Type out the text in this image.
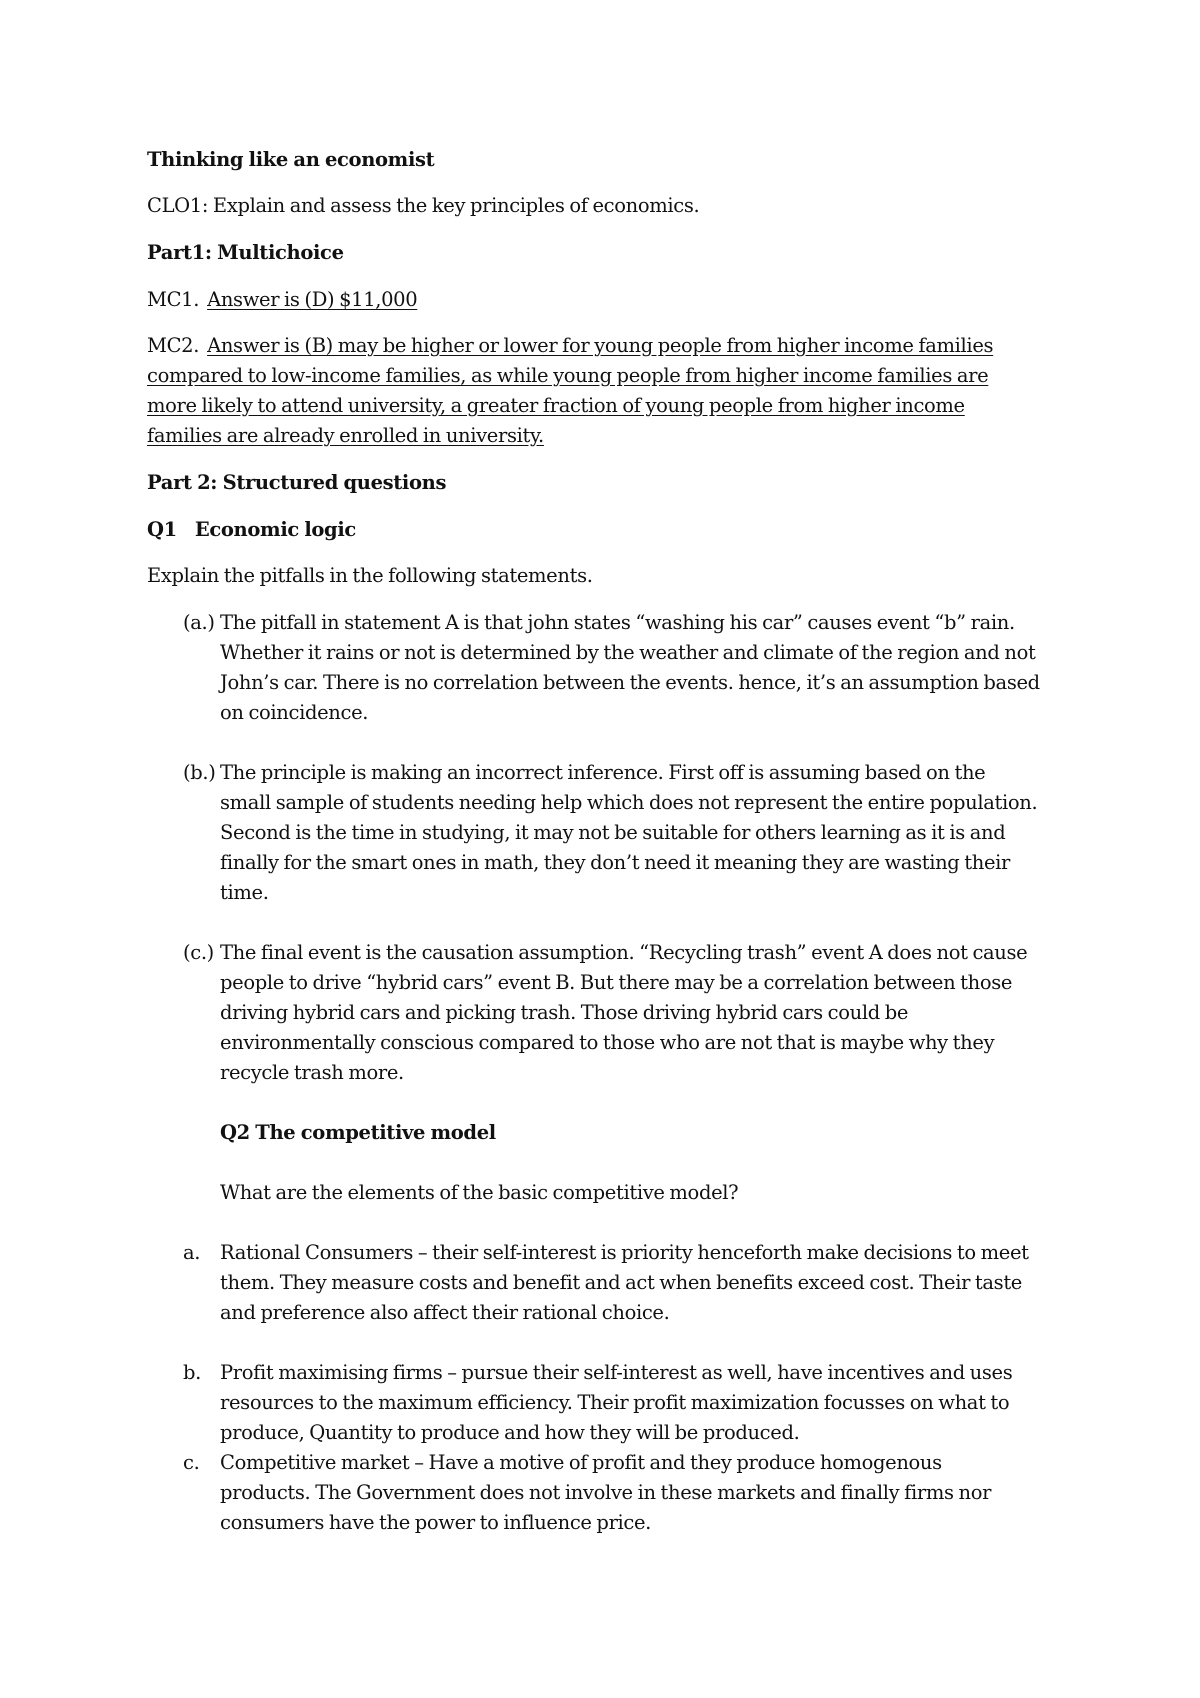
Thinking like an economist
CLO1: Explain and assess the key principles of economics.
Part1: Multichoice
MC1. Answer is (D) $11,000
MC2. Answer is (B) may be higher or lower for young people from higher income families
compared to low-income families, as while young people from higher income families are
more likely to attend university, a greater fraction of young people from higher income
families are already enrolled in university.
Part 2: Structured questions
Q1 Economic logic
Explain the pitfalls in the following statements.
(a.) The pitfall in statement A is that john states “washing his car” causes event “b” rain.
Whether it rains or not is determined by the weather and climate of the region and not
John’s car. There is no correlation between the events. hence, it’s an assumption based
on coincidence.
(b.) The principle is making an incorrect inference. First off is assuming based on the
small sample of students needing help which does not represent the entire population.
Second is the time in studying, it may not be suitable for others learning as it is and
finally for the smart ones in math, they don’t need it meaning they are wasting their
time.
(c.) The final event is the causation assumption. “Recycling trash” event A does not cause
people to drive “hybrid cars” event B. But there may be a correlation between those
driving hybrid cars and picking trash. Those driving hybrid cars could be
environmentally conscious compared to those who are not that is maybe why they
recycle trash more.
Q2 The competitive model
What are the elements of the basic competitive model?
a. Rational Consumers – their self-interest is priority henceforth make decisions to meet
them. They measure costs and benefit and act when benefits exceed cost. Their taste
and preference also affect their rational choice.
b. Profit maximising firms – pursue their self-interest as well, have incentives and uses
resources to the maximum efficiency. Their profit maximization focusses on what to
produce, Quantity to produce and how they will be produced.
c. Competitive market – Have a motive of profit and they produce homogenous
products. The Government does not involve in these markets and finally firms nor
consumers have the power to influence price.
